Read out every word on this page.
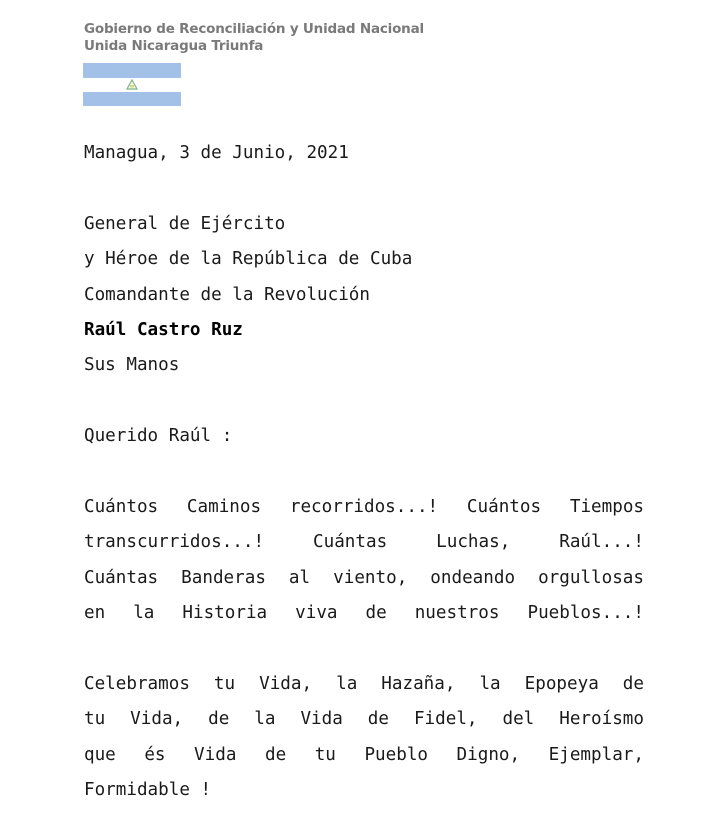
Gobierno de Reconciliación y Unidad Nacional
Unida Nicaragua Triunfa
Managua, 3 de Junio, 2021
General de Ejército
y Héroe de la República de Cuba
Comandante de la Revolución
Raúl Castro Ruz
Sus Manos
Querido Raúl :
Cuántos Caminos recorridos...! Cuántos Tiempos
transcurridos...! Cuántas Luchas, Raúl...!
Cuántas Banderas al viento, ondeando orgullosas
en la Historia viva de nuestros Pueblos...!
Celebramos tu Vida, la Hazaña, la Epopeya de
tu Vida, de la Vida de Fidel, del Heroísmo
que és Vida de tu Pueblo Digno, Ejemplar,
Formidable !
